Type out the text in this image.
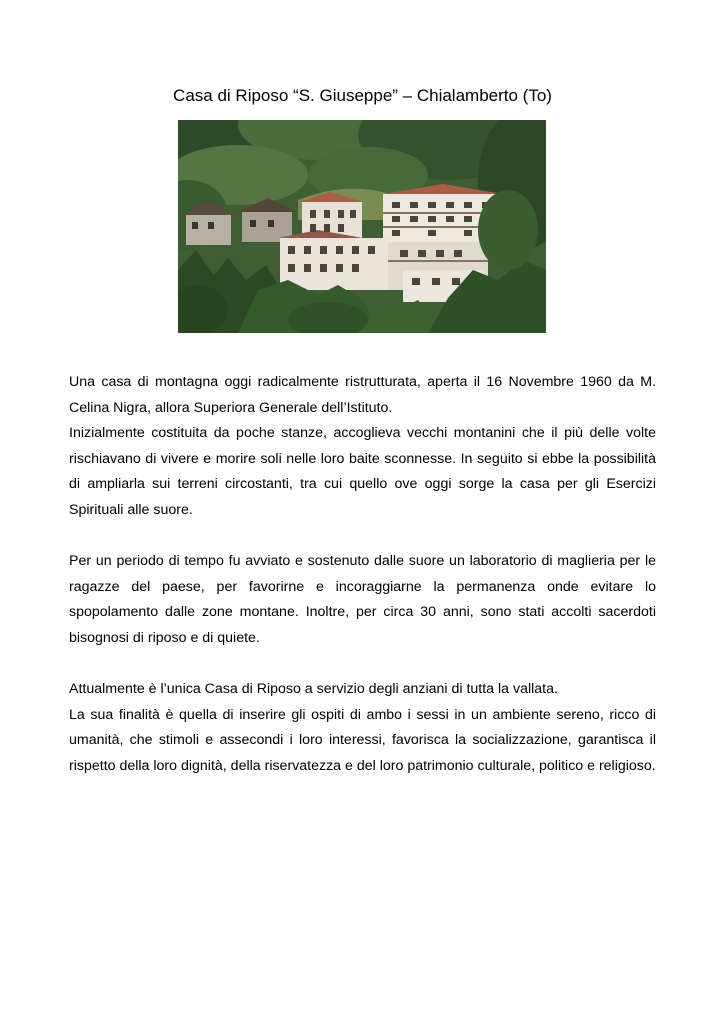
Casa di Riposo “S. Giuseppe” – Chialamberto (To)

Una casa di montagna oggi radicalmente ristrutturata, aperta il 16 Novembre 1960 da M. Celina Nigra, allora Superiora Generale dell’Istituto.

Inizialmente costituita da poche stanze, accoglieva vecchi montanini che il più delle volte rischiavano di vivere e morire soli nelle loro baite sconnesse. In seguito si ebbe la possibilità di ampliarla sui terreni circostanti, tra cui quello ove oggi sorge la casa per gli Esercizi Spirituali alle suore.

Per un periodo di tempo fu avviato e sostenuto dalle suore un laboratorio di maglieria per le ragazze del paese, per favorirne e incoraggiarne la permanenza onde evitare lo spopolamento dalle zone montane. Inoltre, per circa 30 anni, sono stati accolti sacerdoti bisognosi di riposo e di quiete.

Attualmente è l’unica Casa di Riposo a servizio degli anziani di tutta la vallata.

La sua finalità è quella di inserire gli ospiti di ambo i sessi in un ambiente sereno, ricco di umanità, che stimoli e assecondi i loro interessi, favorisca la socializzazione, garantisca il rispetto della loro dignità, della riservatezza e del loro patrimonio culturale, politico e religioso.
